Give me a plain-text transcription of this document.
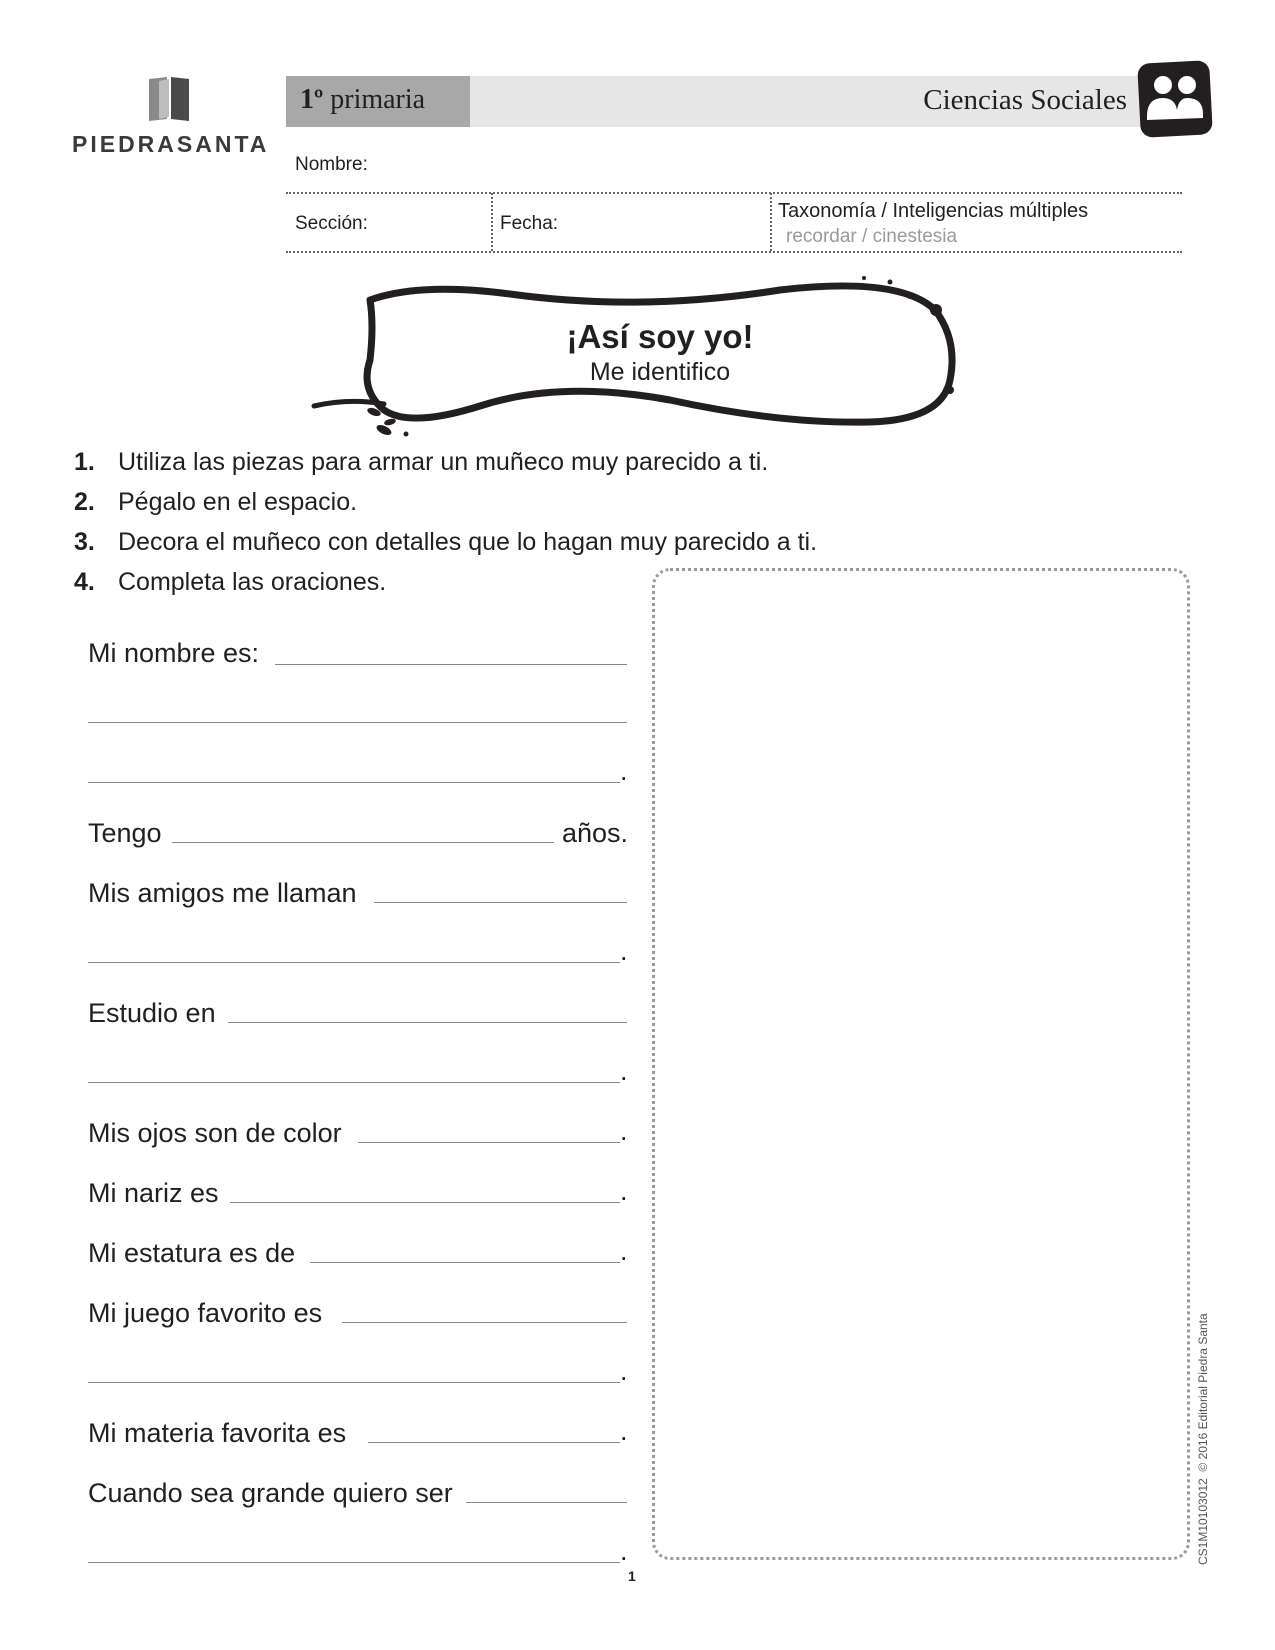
PIEDRASANTA
1º primaria	Ciencias Sociales
Nombre:
Sección:	Fecha:
Taxonomía / Inteligencias múltiples
recordar / cinestesia
¡Así soy yo!
Me identifico
1. Utiliza las piezas para armar un muñeco muy parecido a ti.
2. Pégalo en el espacio.
3. Decora el muñeco con detalles que lo hagan muy parecido a ti.
4. Completa las oraciones.
Mi nombre es:
.
Tengo	años.
Mis amigos me llaman
.
Estudio en
.
Mis ojos son de color	.
Mi nariz es	.
Mi estatura es de	.
Mi juego favorito es
.
Mi materia favorita es	.
Cuando sea grande quiero ser
.
1
CS1M10103012  © 2016 Editorial Piedra Santa
